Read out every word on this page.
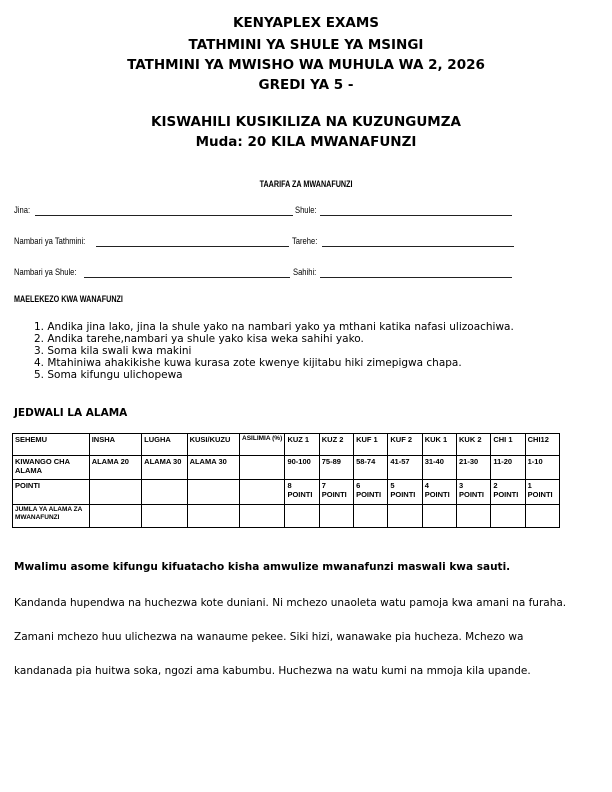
KENYAPLEX EXAMS
TATHMINI YA SHULE YA MSINGI
TATHMINI YA MWISHO WA MUHULA WA 2, 2026
GREDI YA 5 -
KISWAHILI KUSIKILIZA NA KUZUNGUMZA
Muda: 20 KILA MWANAFUNZI
TAARIFA ZA MWANAFUNZI
Jina:	Shule:
Nambari ya Tathmini:	Tarehe:
Nambari ya Shule:	Sahihi:
MAELEKEZO KWA WANAFUNZI
1. Andika jina lako, jina la shule yako na nambari yako ya mthani katika nafasi ulizoachiwa.
2. Andika tarehe,nambari ya shule yako kisa weka sahihi yako.
3. Soma kila swali kwa makini
4. Mtahiniwa ahakikishe kuwa kurasa zote kwenye kijitabu hiki zimepigwa chapa.
5. Soma kifungu ulichopewa
JEDWALI LA ALAMA
SEHEMU	INSHA	LUGHA	KUSI/KUZU	ASILIMIA (%)	KUZ 1	KUZ 2	KUF 1	KUF 2	KUK 1	KUK 2	CHI 1	CHI12
KIWANGO CHA ALAMA	ALAMA 20	ALAMA 30	ALAMA 30		90-100	75-89	58-74	41-57	31-40	21-30	11-20	1-10
POINTI					8 POINTI	7 POINTI	6 POINTI	5 POINTI	4 POINTI	3 POINTI	2 POINTI	1 POINTI
JUMLA YA ALAMA ZA MWANAFUNZI												
Mwalimu asome kifungu kifuatacho kisha amwulize mwanafunzi maswali kwa sauti.
Kandanda hupendwa na huchezwa kote duniani. Ni mchezo unaoleta watu pamoja kwa amani na furaha.
Zamani mchezo huu ulichezwa na wanaume pekee. Siki hizi, wanawake pia hucheza. Mchezo wa
kandanada pia huitwa soka, ngozi ama kabumbu. Huchezwa na watu kumi na mmoja kila upande.
